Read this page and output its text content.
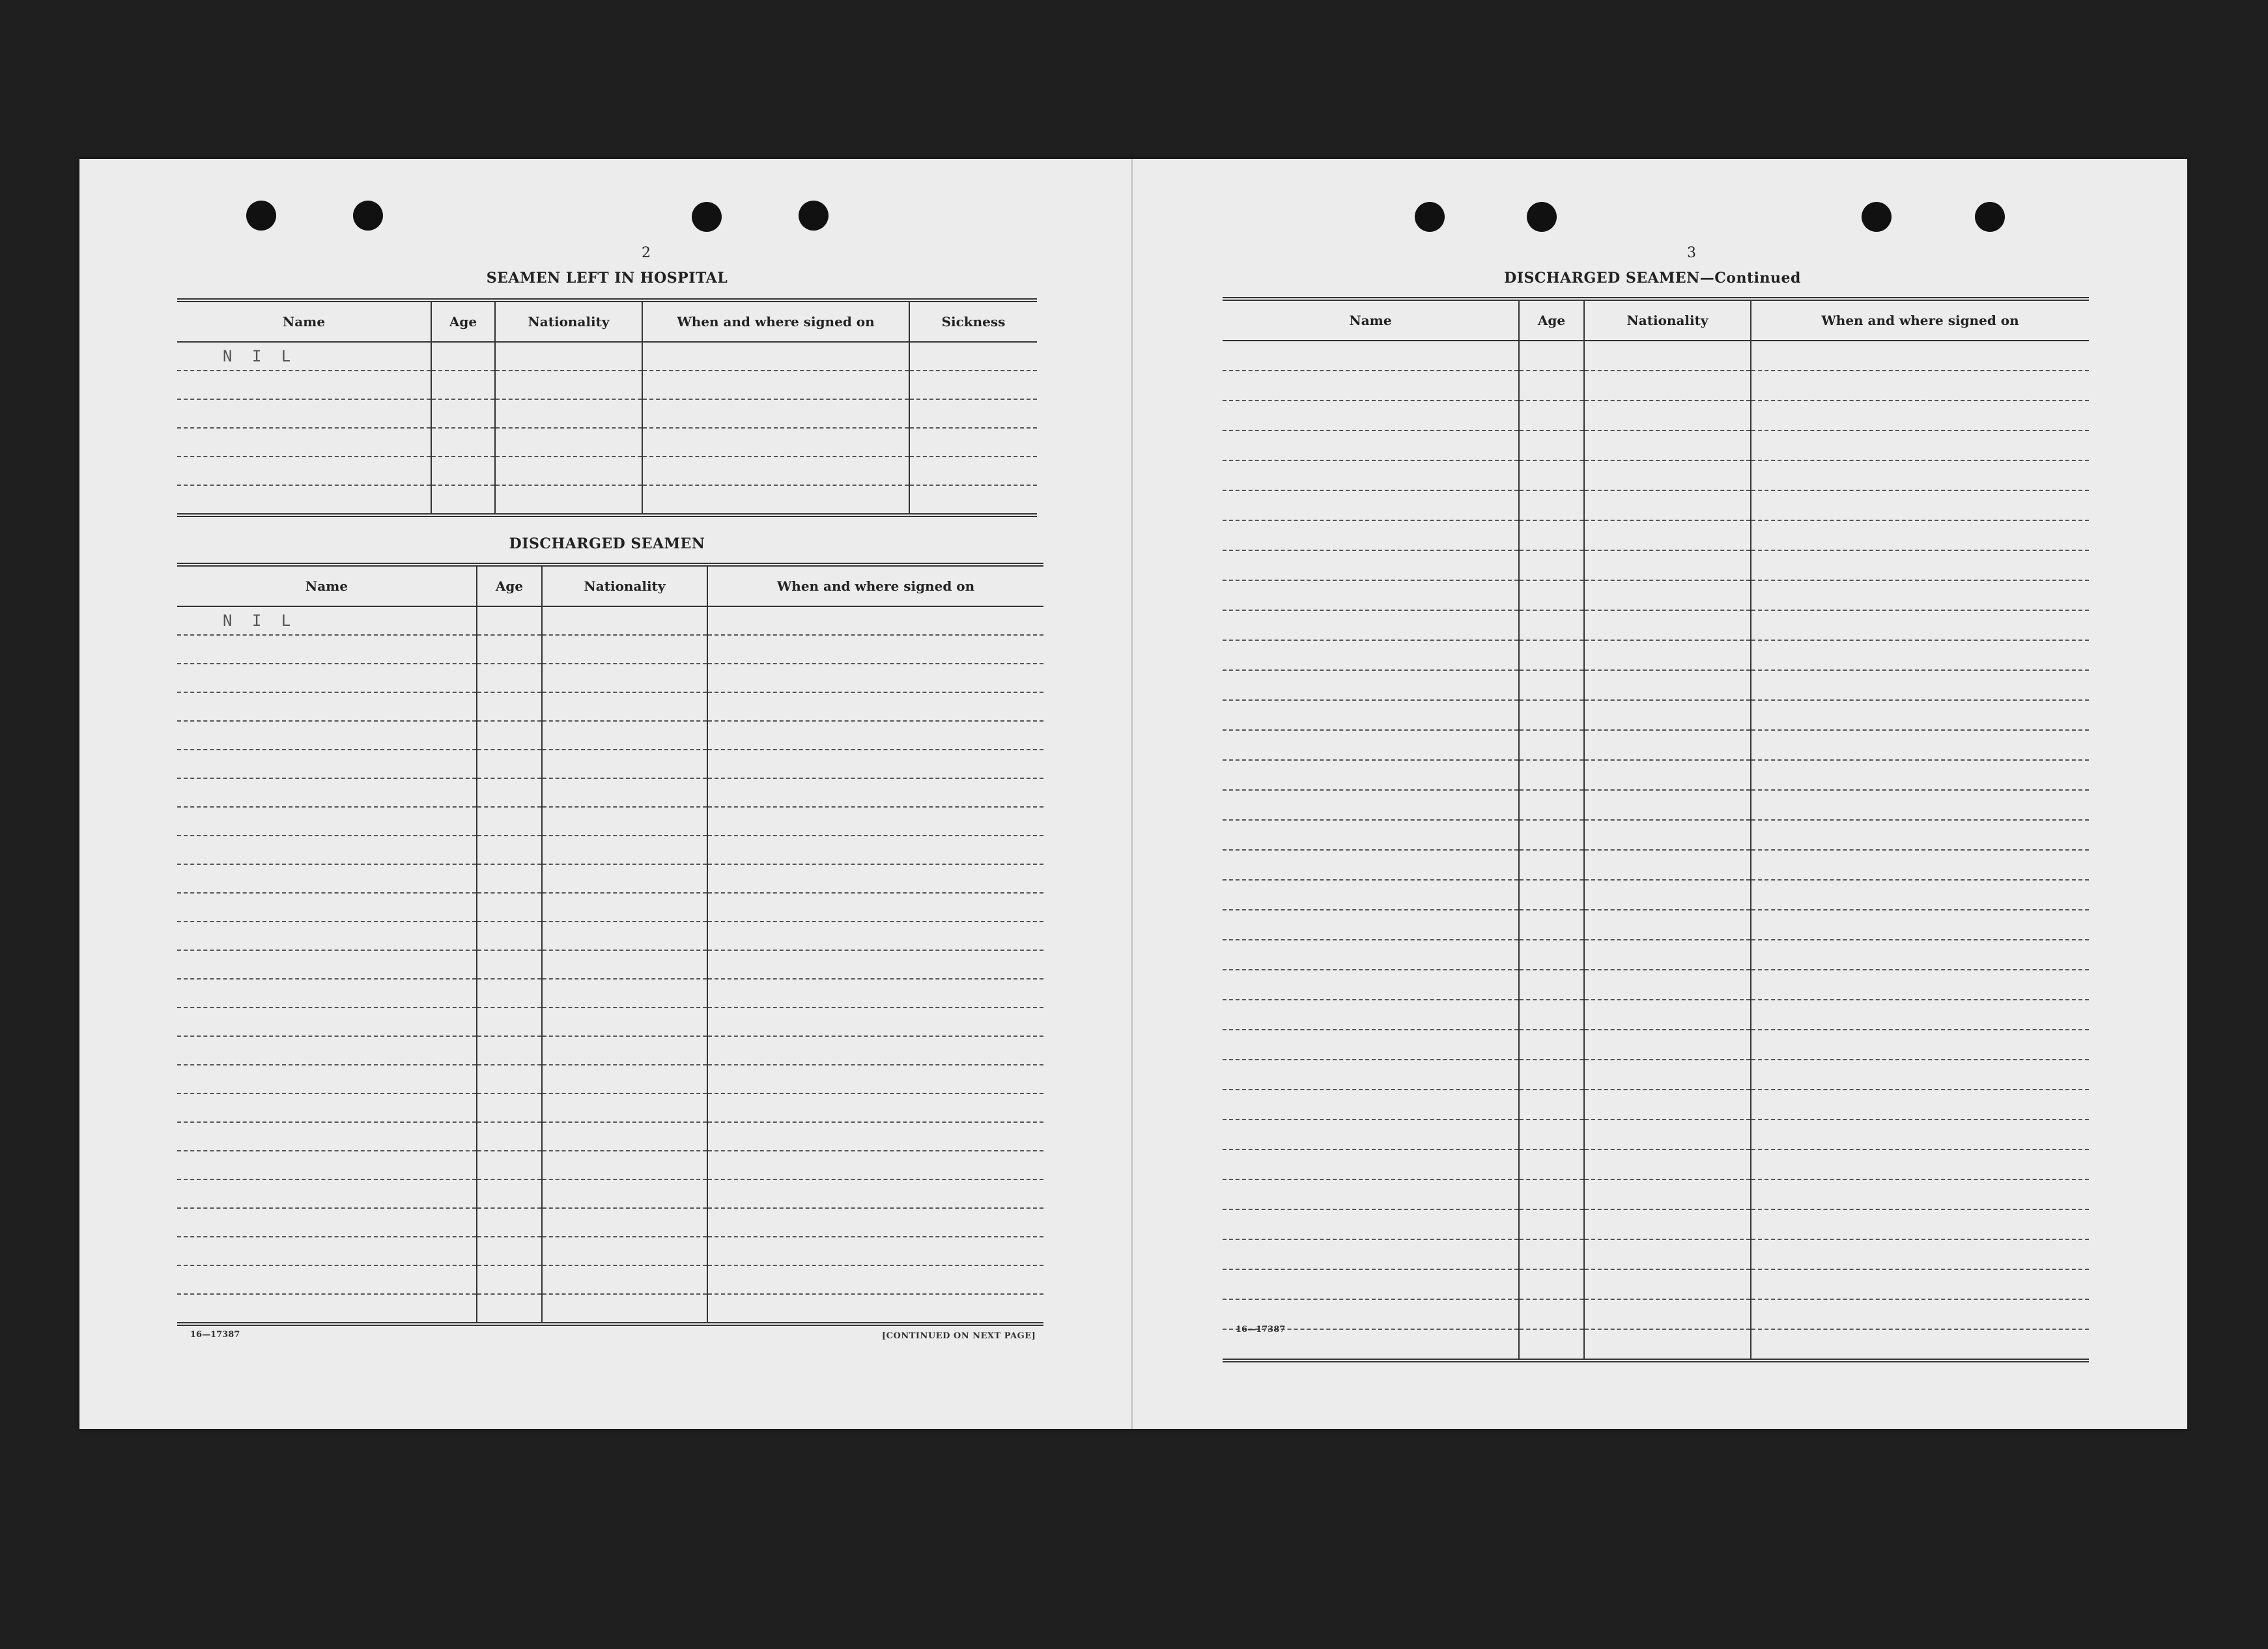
2
SEAMEN LEFT IN HOSPITAL
Name	Age	Nationality	When and where signed on	Sickness
N I L				

DISCHARGED SEAMEN
Name	Age	Nationality	When and where signed on
N I L			

16—17387	[CONTINUED ON NEXT PAGE]
3
DISCHARGED SEAMEN—Continued
Name	Age	Nationality	When and where signed on

16—17387
